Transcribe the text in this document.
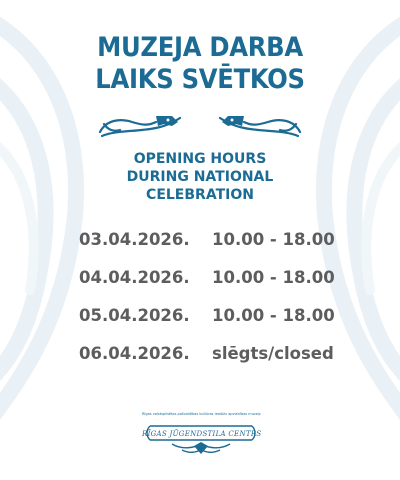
MUZEJA DARBA
LAIKS SVĒTKOS
OPENING HOURS
DURING NATIONAL
CELEBRATION
03.04.2026. 10.00 - 18.00
04.04.2026. 10.00 - 18.00
05.04.2026. 10.00 - 18.00
06.04.2026. slēgts/closed
Rīgas valstspilsētas pašvaldības kultūras iestāžu apvienības muzejs
RĪGAS JŪGENDSTILA CENTRS
